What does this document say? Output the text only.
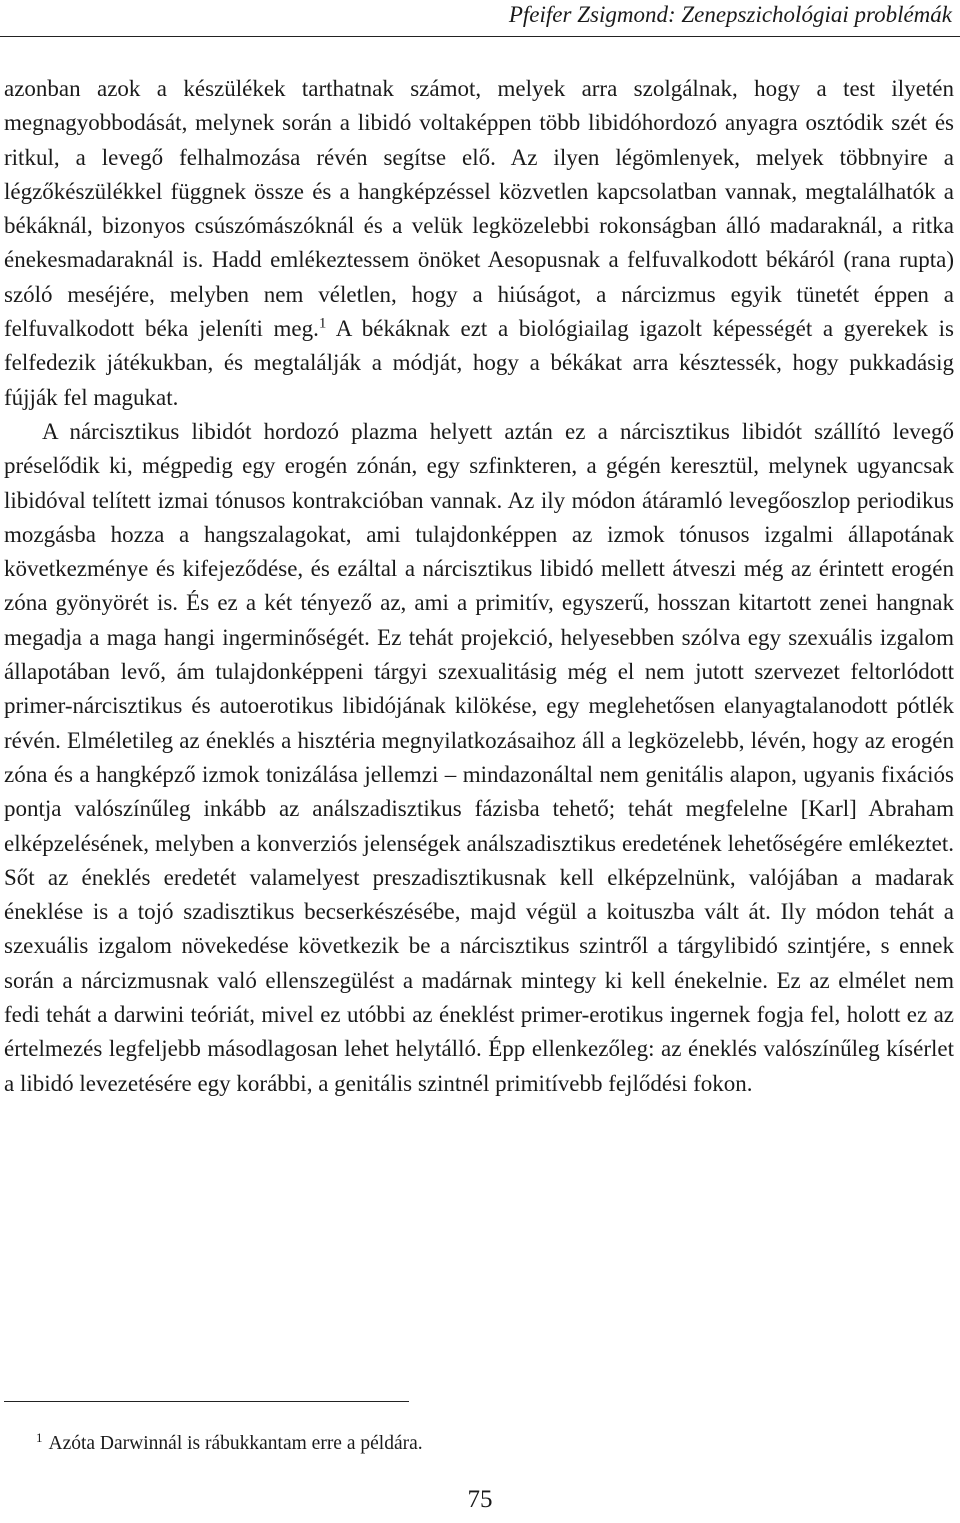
Pfeifer Zsigmond: Zenepszichológiai problémák

azonban azok a készülékek tarthatnak számot, melyek arra szolgálnak, hogy a test ilyetén megnagyobbodását, melynek során a libidó voltaképpen több libidóhordozó anyagra osztódik szét és ritkul, a levegő felhalmozása révén segítse elő. Az ilyen légömlenyek, melyek többnyire a légzőkészülékkel függnek össze és a hangképzéssel közvetlen kapcsolatban vannak, megtalálhatók a békáknál, bizonyos csúszómászóknál és a velük legközelebbi rokonságban álló madaraknál, a ritka énekesmadaraknál is. Hadd emlékeztessem önöket Aesopusnak a felfuvalkodott békáról (rana rupta) szóló meséjére, melyben nem véletlen, hogy a hiúságot, a nárcizmus egyik tünetét éppen a felfuvalkodott béka jeleníti meg.$^1$ A békáknak ezt a biológiailag igazolt képességét a gyerekek is felfedezik játékukban, és megtalálják a módját, hogy a békákat arra késztessék, hogy pukkadásig fújják fel magukat.

A nárcisztikus libidót hordozó plazma helyett aztán ez a nárcisztikus libidót szállító levegő préselődik ki, mégpedig egy erogén zónán, egy szfinkteren, a gégén keresztül, melynek ugyancsak libidóval telített izmai tónusos kontrakcióban vannak. Az ily módon átáramló levegőoszlop periodikus mozgásba hozza a hangszalagokat, ami tulajdonképpen az izmok tónusos izgalmi állapotának következménye és kifejeződése, és ezáltal a nárcisztikus libidó mellett átveszi még az érintett erogén zóna gyönyörét is. És ez a két tényező az, ami a primitív, egyszerű, hosszan kitartott zenei hangnak megadja a maga hangi ingerminőségét. Ez tehát projekció, helyesebben szólva egy szexuális izgalom állapotában levő, ám tulajdonképpeni tárgyi szexualitásig még el nem jutott szervezet feltorlódott primer-nárcisztikus és autoerotikus libidójának kilökése, egy meglehetősen elanyagtalanodott pótlék révén. Elméletileg az éneklés a hisztéria megnyilatkozásaihoz áll a legközelebb, lévén, hogy az erogén zóna és a hangképző izmok tonizálása jellemzi – mindazonáltal nem genitális alapon, ugyanis fixációs pontja valószínűleg inkább az análszadisztikus fázisba tehető; tehát megfelelne [Karl] Abraham elképzelésének, melyben a konverziós jelenségek análszadisztikus eredetének lehetőségére emlékeztet. Sőt az éneklés eredetét valamelyest preszadisztikusnak kell elképzelnünk, valójában a madarak éneklése is a tojó szadisztikus becserkészésébe, majd végül a koituszba vált át. Ily módon tehát a szexuális izgalom növekedése következik be a nárcisztikus szintről a tárgylibidó szintjére, s ennek során a nárcizmusnak való ellenszegülést a madárnak mintegy ki kell énekelnie. Ez az elmélet nem fedi tehát a darwini teóriát, mivel ez utóbbi az éneklést primer-erotikus ingernek fogja fel, holott ez az értelmezés legfeljebb másodlagosan lehet helytálló. Épp ellenkezőleg: az éneklés valószínűleg kísérlet a libidó levezetésére egy korábbi, a genitális szintnél primitívebb fejlődési fokon.

$^1$ Azóta Darwinnál is rábukkantam erre a példára.
75
